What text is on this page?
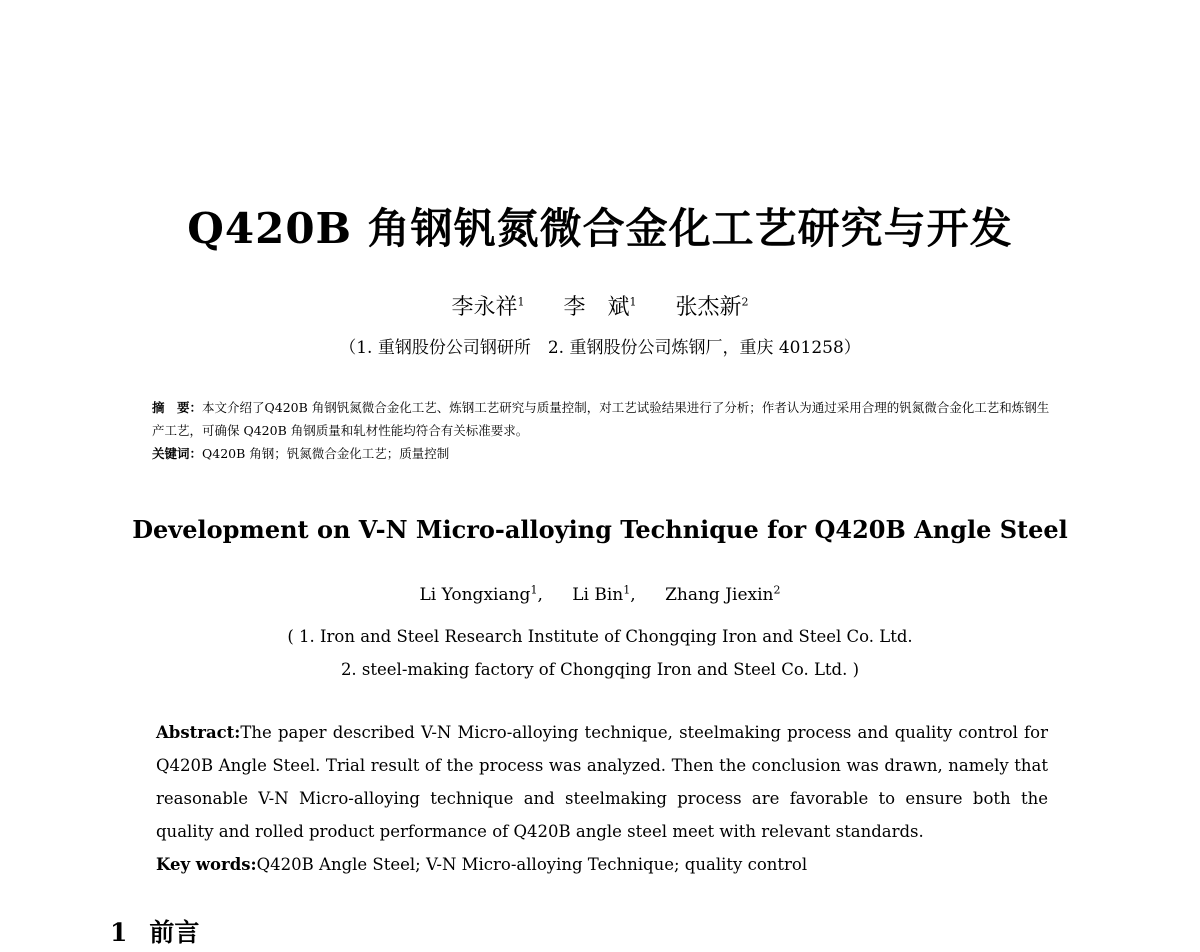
Q420B 角钢钒氮微合金化工艺研究与开发
李永祥$^1$ 李　斌$^1$ 张杰新$^2$
（1. 重钢股份公司钢研所　2. 重钢股份公司炼钢厂，重庆 401258）

摘　要：本文介绍了Q420B 角钢钒氮微合金化工艺、炼钢工艺研究与质量控制，对工艺试验结果进行了分析；作者认为通过采用合理的钒氮微合金化工艺和炼钢生产工艺，可确保 Q420B 角钢质量和轧材性能均符合有关标准要求。

关键词：Q420B 角钢；钒氮微合金化工艺；质量控制

Development on V-N Micro-alloying Technique for Q420B Angle Steel
Li Yongxiang$^1$, Li Bin$^1$, Zhang Jiexin$^2$

( 1. Iron and Steel Research Institute of Chongqing Iron and Steel Co. Ltd.

2. steel-making factory of Chongqing Iron and Steel Co. Ltd. )

Abstract:The paper described V-N Micro-alloying technique, steelmaking process and quality control for Q420B Angle Steel. Trial result of the process was analyzed. Then the conclusion was drawn, namely that reasonable V-N Micro-alloying technique and steelmaking process are favorable to ensure both the quality and rolled product performance of Q420B angle steel meet with relevant standards.

Key words:Q420B Angle Steel; V-N Micro-alloying Technique; quality control

1 前言
